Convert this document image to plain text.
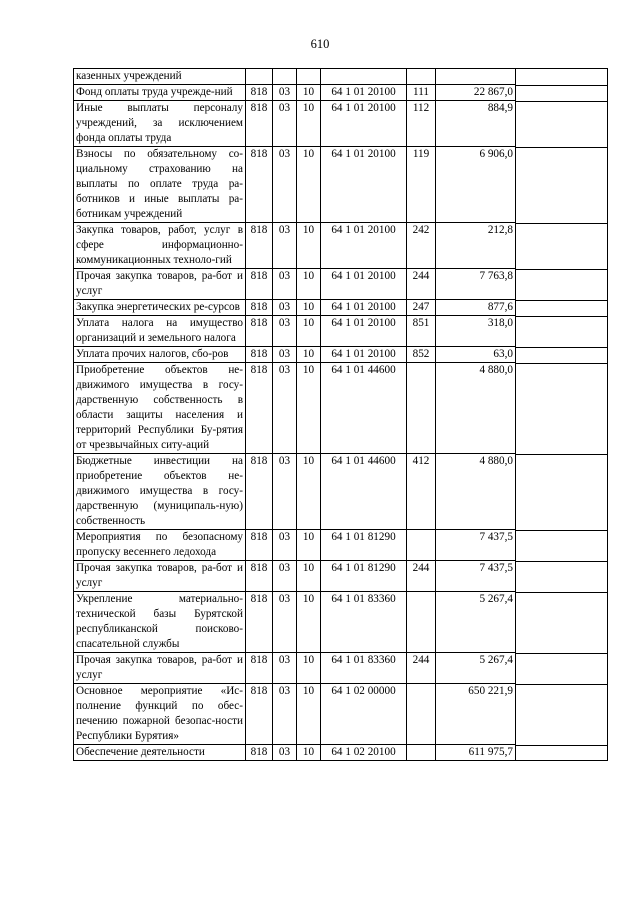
610
казенных учреждений						
Фонд оплаты труда учрежде-ний	818	03	10	64 1 01 20100	111	22 867,0
Иные выплаты персоналу учреждений, за исключением фонда оплаты труда	818	03	10	64 1 01 20100	112	884,9
Взносы по обязательному со-циальному страхованию на выплаты по оплате труда ра-ботников и иные выплаты ра-ботникам учреждений	818	03	10	64 1 01 20100	119	6 906,0
Закупка товаров, работ, услуг в сфере информационно-коммуникационных техноло-гий	818	03	10	64 1 01 20100	242	212,8
Прочая закупка товаров, ра-бот и услуг	818	03	10	64 1 01 20100	244	7 763,8
Закупка энергетических ре-сурсов	818	03	10	64 1 01 20100	247	877,6
Уплата налога на имущество организаций и земельного налога	818	03	10	64 1 01 20100	851	318,0
Уплата прочих налогов, сбо-ров	818	03	10	64 1 01 20100	852	63,0
Приобретение объектов не-движимого имущества в госу-дарственную собственность в области защиты населения и территорий Республики Бу-рятия от чрезвычайных ситу-аций	818	03	10	64 1 01 44600		4 880,0
Бюджетные инвестиции на приобретение объектов не-движимого имущества в госу-дарственную (муниципаль-ную) собственность	818	03	10	64 1 01 44600	412	4 880,0
Мероприятия по безопасному пропуску весеннего ледохода	818	03	10	64 1 01 81290		7 437,5
Прочая закупка товаров, ра-бот и услуг	818	03	10	64 1 01 81290	244	7 437,5
Укрепление материально-технической базы Бурятской республиканской поисково-спасательной службы	818	03	10	64 1 01 83360		5 267,4
Прочая закупка товаров, ра-бот и услуг	818	03	10	64 1 01 83360	244	5 267,4
Основное мероприятие «Ис-полнение функций по обес-печению пожарной безопас-ности Республики Бурятия»	818	03	10	64 1 02 00000		650 221,9
Обеспечение деятельности	818	03	10	64 1 02 20100		611 975,7
